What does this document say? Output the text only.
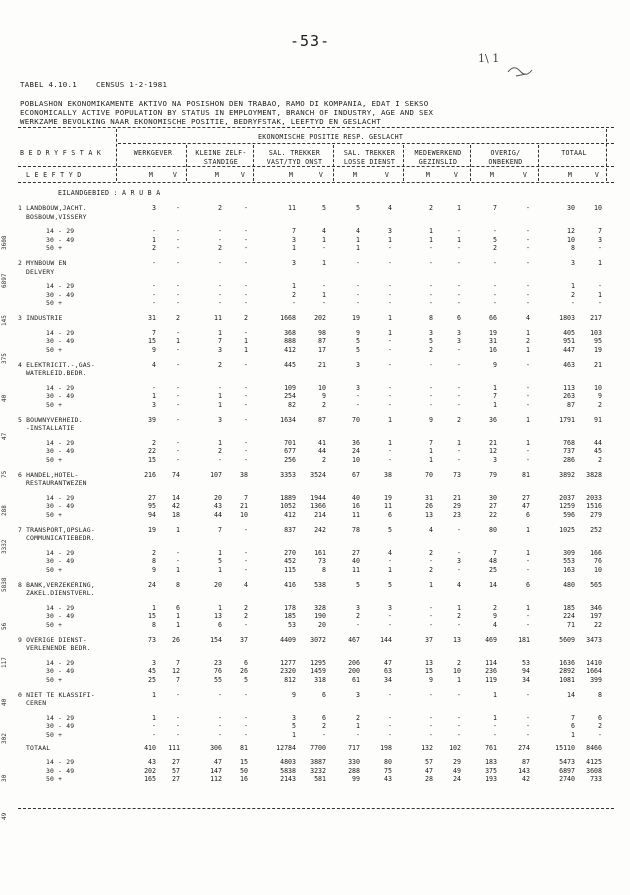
-53-
1\ 1
TABEL 4.10.1	CENSUS 1-2-1981
POBLASHON EKONOMIKAMENTE AKTIVO NA POSISHON DEN TRABAO, RAMO DI KOMPANIA, EDAT I SEKSO
ECONOMICALLY ACTIVE POPULATION BY STATUS IN EMPLOYMENT, BRANCH OF INDUSTRY, AGE AND SEX
WERKZAME BEVOLKING NAAR EKONOMISCHE POSITIE, BEDRYFSTAK, LEEFTYD EN GESLACHT
EKONOMISCHE POSITIE RESP. GESLACHT
B E D R Y F S T A K
L E E F T Y D
WERKGEVER	KLEINE ZELF-
STANDIGE
SAL. TREKKER
VAST/TYD ONST
SAL. TREKKER
LOSSE DIENST
MEDEWERKEND
GEZINSLID
OVERIG/
ONBEKEND
TOTAAL
M	V	M	V	M	V	M	V	M	V	M	V	M	V
EILANDGEBIED : A R U B A
1 LANDBOUW,JACHT.	3	-	2	-	11	5	5	4	2	1	7	-	30	10
BOSBOUW,VISSERY
14 - 29	-	-	-	-	7	4	4	3	1	-	-	-	12	7
30 - 49	1	-	-	-	3	1	1	1	1	1	5	-	10	3
50 +	2	-	2	-	1	-	1	-	-	-	2	-	8	-
2 MYNBOUW EN	-	-	-	-	3	1	-	-	-	-	-	-	3	1
DELVERY
14 - 29	-	-	-	-	1	-	-	-	-	-	-	-	1	-
30 - 49	-	-	-	-	2	1	-	-	-	-	-	-	2	1
50 +	-	-	-	-	-	-	-	-	-	-	-	-	-	-
3 INDUSTRIE	31	2	11	2	1668	202	19	1	8	6	66	4	1803	217
14 - 29	7	-	1	-	368	98	9	1	3	3	19	1	405	103
30 - 49	15	1	7	1	888	87	5	-	5	3	31	2	951	95
50 +	9	-	3	1	412	17	5	-	2	-	16	1	447	19
4 ELEKTRICIT.-,GAS-	4	-	2	-	445	21	3	-	-	-	9	-	463	21
WATERLEID.BEDR.
14 - 29	-	-	-	-	109	10	3	-	-	-	1	-	113	10
30 - 49	1	-	1	-	254	9	-	-	-	-	7	-	263	9
50 +	3	-	1	-	82	2	-	-	-	-	1	-	87	2
5 BOUWNYVERHEID.	39	-	3	-	1634	87	70	1	9	2	36	1	1791	91
-INSTALLATIE
14 - 29	2	-	1	-	701	41	36	1	7	1	21	1	768	44
30 - 49	22	-	2	-	677	44	24	-	1	-	12	-	737	45
50 +	15	-	-	-	256	2	10	-	1	-	3	-	286	2
6 HANDEL,HOTEL-	216	74	107	38	3353	3524	67	38	70	73	79	81	3892	3828
RESTAURANTWEZEN
14 - 29	27	14	20	7	1889	1944	40	19	31	21	30	27	2037	2033
30 - 49	95	42	43	21	1052	1366	16	11	26	29	27	47	1259	1516
50 +	94	18	44	10	412	214	11	6	13	23	22	6	596	279
7 TRANSPORT,OPSLAG-	19	1	7	-	837	242	78	5	4	-	80	1	1025	252
COMMUNICATIEBEDR.
14 - 29	2	-	1	-	270	161	27	4	2	-	7	1	309	166
30 - 49	8	-	5	-	452	73	40	-	-	3	48	-	553	76
50 +	9	1	1	-	115	8	11	1	2	-	25	-	163	10
8 BANK,VERZEKERING,	24	8	20	4	416	538	5	5	1	4	14	6	480	565
ZAKEL.DIENSTVERL.
14 - 29	1	6	1	2	178	328	3	3	-	1	2	1	185	346
30 - 49	15	1	13	2	185	190	2	-	-	2	9	-	224	197
50 +	8	1	6	-	53	20	-	-	-	-	4	-	71	22
9 OVERIGE DIENST-	73	26	154	37	4409	3072	467	144	37	13	469	181	5609	3473
VERLENENDE BEDR.
14 - 29	3	7	23	6	1277	1295	206	47	13	2	114	53	1636	1410
30 - 49	45	12	76	26	2320	1459	200	63	15	10	236	94	2892	1664
50 +	25	7	55	5	812	318	61	34	9	1	119	34	1081	399
0 NIET TE KLASSIFI-	1	-	-	-	9	6	3	-	-	-	1	-	14	8
CEREN
14 - 29	1	-	-	-	3	6	2	-	-	-	1	-	7	6
30 - 49	-	-	-	-	5	2	1	-	-	-	-	-	6	2
50 +	-	-	-	-	1	-	-	-	-	-	-	-	1	-
TOTAAL	410	111	306	81	12784	7700	717	198	132	102	761	274	15110	8466
14 - 29	43	27	47	15	4803	3887	330	80	57	29	183	87	5473	4125
30 - 49	202	57	147	50	5838	3232	288	75	47	49	375	143	6897	3608
50 +	165	27	112	16	2143	581	99	43	28	24	193	42	2740	733
3608
6897
145
375
40
47
75
288
3332
5838
56
117
40
302
30
49
